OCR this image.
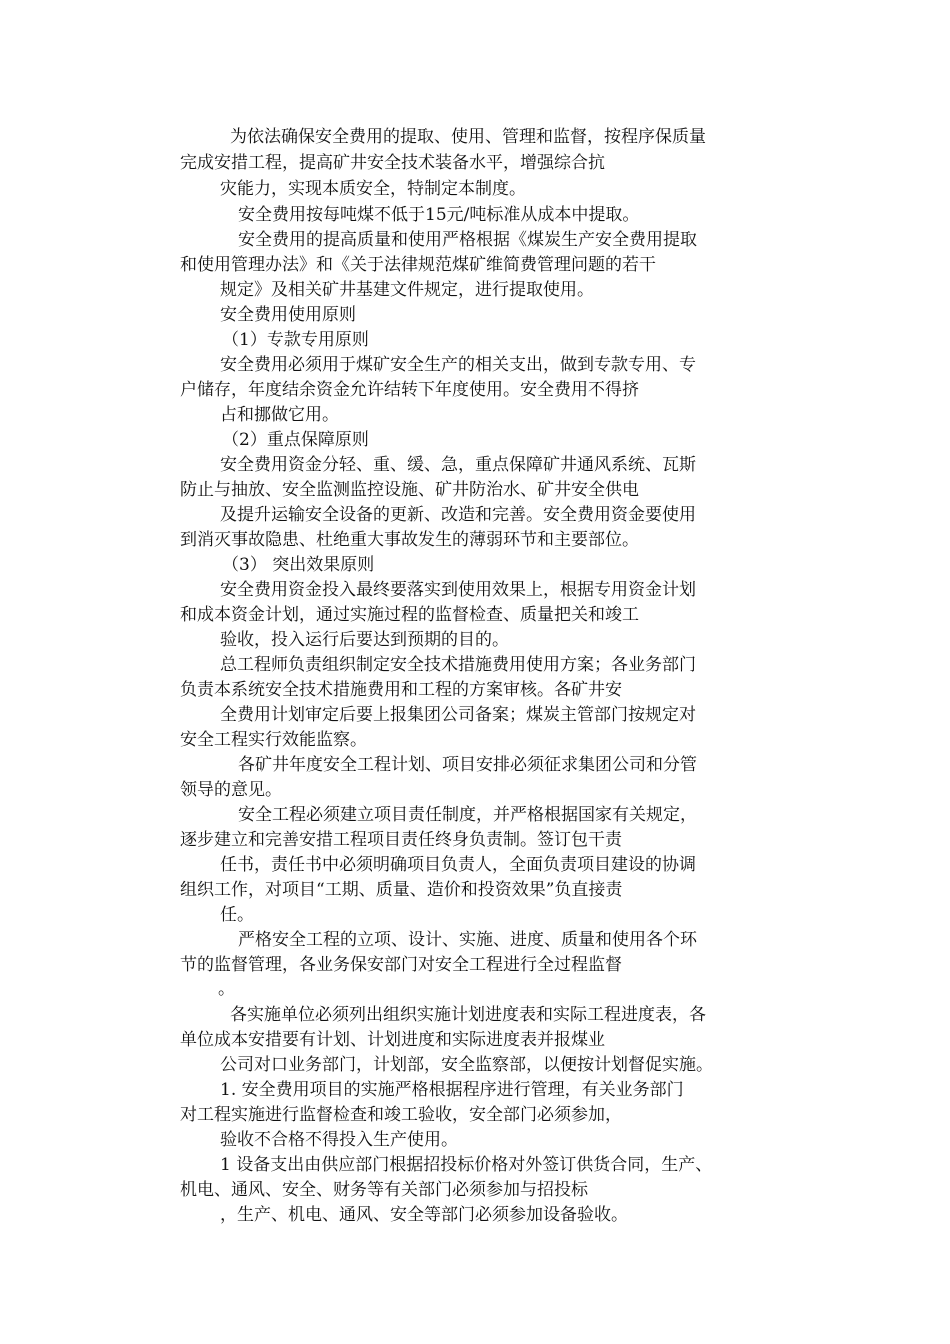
为依法确保安全费用的提取、使用、管理和监督，按程序保质量
完成安措工程，提高矿井安全技术装备水平，增强综合抗
灾能力，实现本质安全，特制定本制度。
安全费用按每吨煤不低于15元/吨标准从成本中提取。
安全费用的提高质量和使用严格根据《煤炭生产安全费用提取
和使用管理办法》和《关于法律规范煤矿维简费管理问题的若干
规定》及相关矿井基建文件规定，进行提取使用。
安全费用使用原则
（1）专款专用原则
安全费用必须用于煤矿安全生产的相关支出，做到专款专用、专
户储存，年度结余资金允许结转下年度使用。安全费用不得挤
占和挪做它用。
（2）重点保障原则
安全费用资金分轻、重、缓、急，重点保障矿井通风系统、瓦斯
防止与抽放、安全监测监控设施、矿井防治水、矿井安全供电
及提升运输安全设备的更新、改造和完善。安全费用资金要使用
到消灭事故隐患、杜绝重大事故发生的薄弱环节和主要部位。
（3） 突出效果原则
安全费用资金投入最终要落实到使用效果上，根据专用资金计划
和成本资金计划，通过实施过程的监督检查、质量把关和竣工
验收，投入运行后要达到预期的目的。
总工程师负责组织制定安全技术措施费用使用方案；各业务部门
负责本系统安全技术措施费用和工程的方案审核。各矿井安
全费用计划审定后要上报集团公司备案；煤炭主管部门按规定对
安全工程实行效能监察。
各矿井年度安全工程计划、项目安排必须征求集团公司和分管
领导的意见。
安全工程必须建立项目责任制度，并严格根据国家有关规定，
逐步建立和完善安措工程项目责任终身负责制。签订包干责
任书，责任书中必须明确项目负责人，全面负责项目建设的协调
组织工作，对项目“工期、质量、造价和投资效果”负直接责
任。
严格安全工程的立项、设计、实施、进度、质量和使用各个环
节的监督管理，各业务保安部门对安全工程进行全过程监督
。
各实施单位必须列出组织实施计划进度表和实际工程进度表，各
单位成本安措要有计划、计划进度和实际进度表并报煤业
公司对口业务部门，计划部，安全监察部，以便按计划督促实施。
1. 安全费用项目的实施严格根据程序进行管理，有关业务部门
对工程实施进行监督检查和竣工验收，安全部门必须参加，
验收不合格不得投入生产使用。
1 设备支出由供应部门根据招投标价格对外签订供货合同，生产、
机电、通风、安全、财务等有关部门必须参加与招投标
，生产、机电、通风、安全等部门必须参加设备验收。
